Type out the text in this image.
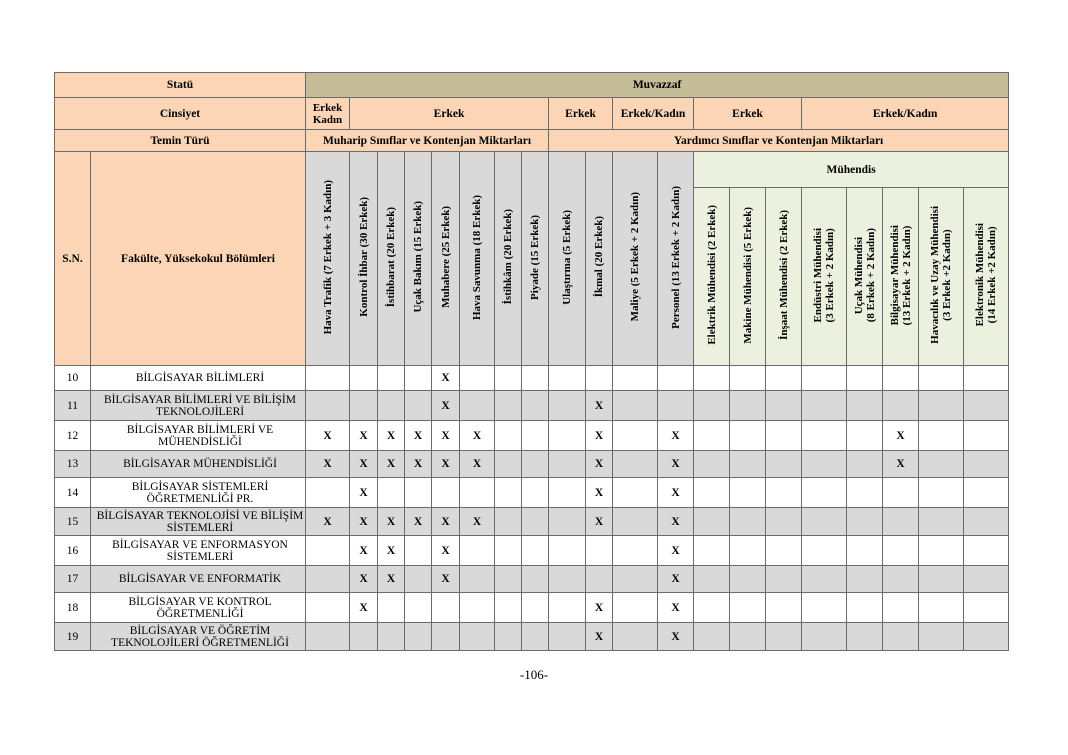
Statü		Muvazzaf																			
Cinsiyet		Erkek Kadın	Erkek							Erkek		Erkek/Kadın		Erkek			Erkek/Kadın				
Temin Türü		Muharip Sınıflar ve Kontenjan Miktarları								Yardımcı Sınıflar ve Kontenjan Miktarları											
S.N.	Fakülte, Yüksekokul Bölümleri	Hava Trafik (7 Erkek + 3 Kadın)	Kontrol İhbar (30 Erkek)	İstihbarat (20 Erkek)	Uçak Bakım (15 Erkek)	Muhabere (25 Erkek)	Hava Savunma (18 Erkek)	İstihkâm (20 Erkek)	Piyade (15 Erkek)	Ulaştırma (5 Erkek)	İkmal (20 Erkek)	Maliye (5 Erkek + 2 Kadın)	Personel (13 Erkek + 2 Kadın)	Mühendis							
														Elektrik Mühendisi (2 Erkek)	Makine Mühendisi (5 Erkek)	İnşaat Mühendisi (2 Erkek)	Endüstri Mühendisi
(3 Erkek + 2 Kadın)	Uçak Mühendisi
(8 Erkek + 2 Kadın)	Bilgisayar Mühendisi
(13 Erkek + 2 Kadın)	Havacılık ve Uzay Mühendisi
(3 Erkek +2 Kadın)	Elektronik Mühendisi
(14 Erkek +2 Kadın)
10	BİLGİSAYAR BİLİMLERİ					X															
11	BİLGİSAYAR BİLİMLERİ VE BİLİŞİM TEKNOLOJİLERİ					X					X										
12	BİLGİSAYAR BİLİMLERİ VE MÜHENDİSLİĞİ	X	X	X	X	X	X				X		X						X		
13	BİLGİSAYAR MÜHENDİSLİĞİ	X	X	X	X	X	X				X		X						X		
14	BİLGİSAYAR SİSTEMLERİ ÖĞRETMENLİĞİ PR.		X								X		X								
15	BİLGİSAYAR TEKNOLOJİSİ VE BİLİŞİM SİSTEMLERİ	X	X	X	X	X	X				X		X								
16	BİLGİSAYAR VE ENFORMASYON SİSTEMLERİ		X	X		X							X								
17	BİLGİSAYAR VE ENFORMATİK		X	X		X							X								
18	BİLGİSAYAR VE KONTROL ÖĞRETMENLİĞİ		X								X		X								
19	BİLGİSAYAR VE ÖĞRETİM TEKNOLOJİLERİ ÖĞRETMENLİĞİ										X		X								
-106-
